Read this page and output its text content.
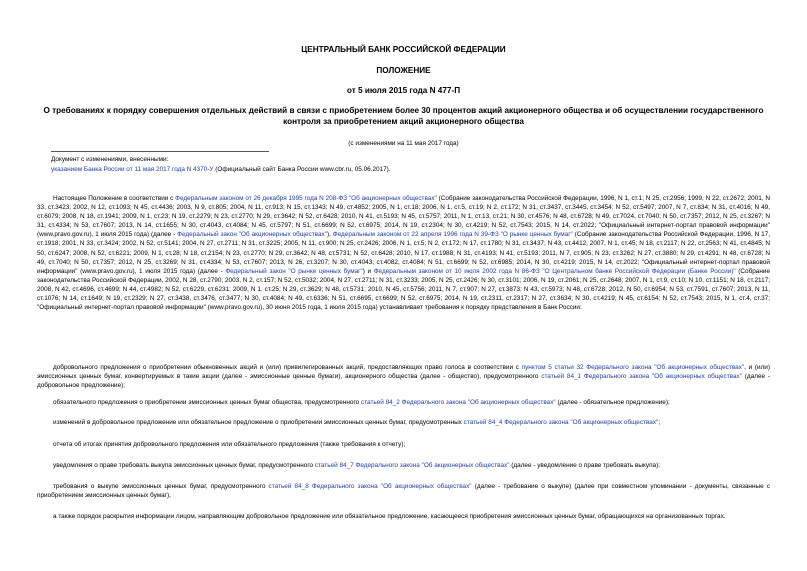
ЦЕНТРАЛЬНЫЙ БАНК РОССИЙСКОЙ ФЕДЕРАЦИИ
ПОЛОЖЕНИЕ
от 5 июля 2015 года N 477-П
О требованиях к порядку совершения отдельных действий в связи с приобретением более 30 процентов акций акционерного общества и об осуществлении государственного контроля за приобретением акций акционерного общества
(с изменениями на 11 мая 2017 года)
Документ с изменениями, внесенными:
указанием Банка России от 11 мая 2017 года N 4370-У (Официальный сайт Банка России www.cbr.ru, 05.06.2017).
Настоящее Положение в соответствии с Федеральным законом от 26 декабря 1995 года N 208-ФЗ "Об акционерных обществах" (Собрание законодательства Российской Федерации, 1996, N 1, ст.1; N 25, ст.2956; 1999, N 22, ст.2672; 2001, N 33, ст.3423; 2002, N 12, ст.1093; N 45, ст.4436; 2003, N 9, ст.805; 2004, N 11, ст.913; N 15, ст.1343; N 49, ст.4852; 2005, N 1, ст.18; 2006, N 1, ст.5, ст.19; N 2, ст.172; N 31, ст.3437, ст.3445, ст.3454; N 52, ст.5497; 2007, N 7, ст.834; N 31, ст.4016; N 49, ст.6079; 2008, N 18, ст.1941; 2009, N 1, ст.23; N 19, ст.2279; N 23, ст.2770; N 29, ст.3642; N 52, ст.6428; 2010, N 41, ст.5193; N 45, ст.5757; 2011, N 1, ст.13, ст.21; N 30, ст.4576; N 48, ст.6728; N 49, ст.7024, ст.7040; N 50, ст.7357; 2012, N 25, ст.3267; N 31, ст.4334; N 53, ст.7607; 2013, N 14, ст.1655; N 30, ст.4043, ст.4084; N 45, ст.5797; N 51, ст.6699; N 52, ст.6975; 2014, N 19, ст.2304; N 30, ст.4219; N 52, ст.7543; 2015, N 14, ст.2022; "Официальный интернет-портал правовой информации" (www.pravo.gov.ru), 1 июля 2015 года) (далее - Федеральный закон "Об акционерных обществах"), Федеральным законом от 22 апреля 1996 года N 39-ФЗ "О рынке ценных бумаг" (Собрание законодательства Российской Федерации, 1996, N 17, ст.1918; 2001, N 33, ст.3424; 2002, N 52, ст.5141; 2004, N 27, ст.2711; N 31, ст.3225; 2005, N 11, ст.900; N 25, ст.2426; 2006, N 1, ст.5; N 2, ст.172; N 17, ст.1780; N 31, ст.3437; N 43, ст.4412; 2007, N 1, ст.45; N 18, ст.2117; N 22, ст.2563; N 41, ст.4845; N 50, ст.6247; 2008, N 52, ст.6221; 2009, N 1, ст.28; N 18, ст.2154; N 23, ст.2770; N 29, ст.3642; N 48, ст.5731; N 52, ст.6428; 2010, N 17, ст.1988; N 31, ст.4193; N 41, ст.5193; 2011, N 7, ст.905; N 23, ст.3262; N 27, ст.3880; N 29, ст.4291; N 48, ст.6728; N 49, ст.7040; N 50, ст.7357; 2012, N 25, ст.3269; N 31, ст.4334; N 53, ст.7607; 2013, N 26, ст.3207; N 30, ст.4043, ст.4082, ст.4084; N 51, ст.6699; N 52, ст.6985; 2014, N 30, ст.4219; 2015, N 14, ст.2022; "Официальный интернет-портал правовой информации" (www.pravo.gov.ru), 1 июля 2015 года) (далее - Федеральный закон "О рынке ценных бумаг") и Федеральным законом от 10 июля 2002 года N 86-ФЗ "О Центральном банке Российской Федерации (Банке России)" (Собрание законодательства Российской Федерации, 2002, N 28, ст.2790; 2003, N 2, ст.157; N 52, ст.5032; 2004, N 27, ст.2711; N 31, ст.3233; 2005, N 25, ст.2426; N 30, ст.3101; 2006, N 19, ст.2061; N 25, ст.2648; 2007, N 1, ст.9, ст.10; N 10, ст.1151; N 18, ст.2117; 2008, N 42, ст.4696, ст.4699; N 44, ст.4982; N 52, ст.6229, ст.6231; 2009, N 1, ст.25; N 29, ст.3629; N 48, ст.5731; 2010, N 45, ст.5756; 2011, N 7, ст.907; N 27, ст.3873; N 43, ст.5973; N 48, ст.6728; 2012, N 50, ст.6954; N 53, ст.7591, ст.7607; 2013, N 11, ст.1076; N 14, ст.1649; N 19, ст.2329; N 27, ст.3438, ст.3476, ст.3477; N 30, ст.4084; N 49, ст.6336; N 51, ст.6695, ст.6699; N 52, ст.6975; 2014, N 19, ст.2311, ст.2317; N 27, ст.3634; N 30, ст.4219; N 45, ст.6154; N 52, ст.7543; 2015, N 1, ст.4, ст.37; "Официальный интернет-портал правовой информации" (www.pravo.gov.ru), 30 июня 2015 года, 1 июля 2015 года) устанавливает требования к порядку представления в Банк России:
добровольного предложения о приобретении обыкновенных акций и (или) привилегированных акций, предоставляющих право голоса в соответствии с пунктом 5 статьи 32 Федерального закона "Об акционерных обществах", и (или) эмиссионных ценных бумаг, конвертируемых в такие акции (далее - эмиссионные ценные бумаги), акционерного общества (далее - общество), предусмотренного статьей 84_1 Федерального закона "Об акционерных обществах" (далее - добровольное предложение);
обязательного предложения о приобретении эмиссионных ценных бумаг общества, предусмотренного статьей 84_2 Федерального закона "Об акционерных обществах" (далее - обязательное предложение);
изменений в добровольное предложение или обязательное предложение о приобретении эмиссионных ценных бумаг, предусмотренных статьей 84_4 Федерального закона "Об акционерных обществах";
отчета об итогах принятия добровольного предложения или обязательного предложения (также требования к отчету);
уведомления о праве требовать выкупа эмиссионных ценных бумаг, предусмотренного статьей 84_7 Федерального закона "Об акционерных обществах" (далее - уведомление о праве требовать выкупа);
требования о выкупе эмиссионных ценных бумаг, предусмотренного статьей 84_8 Федерального закона "Об акционерных обществах" (далее - требование о выкупе) (далее при совместном упоминании - документы, связанные с приобретением эмиссионных ценных бумаг),
а также порядок раскрытия информации лицом, направляющим добровольное предложение или обязательное предложение, касающееся приобретения эмиссионных ценных бумаг, обращающихся на организованных торгах.
